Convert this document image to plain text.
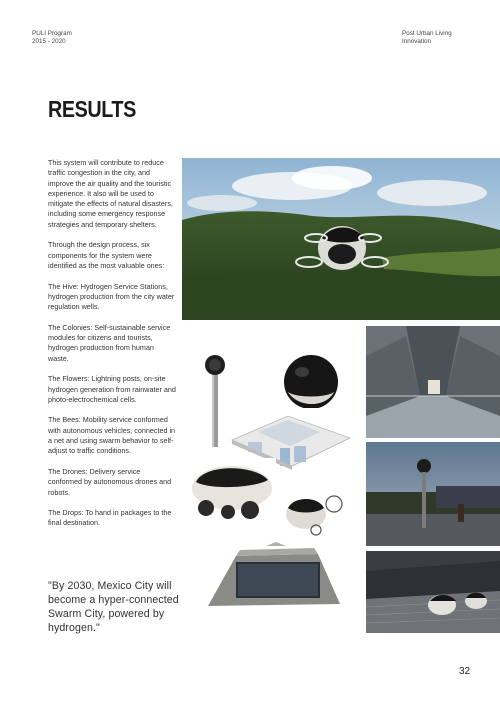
PULI Program
2015 - 2020
Post Urban Living
Innovation
RESULTS

This system will contribute to reduce traffic congestion in the city, and improve the air quality and the touristic experience. It also will be used to mitigate the effects of natural disasters, including some emergency response strategies and temporary shelters.

Through the design process, six components for the system were identified as the most valuable ones:

The Hive: Hydrogen Service Stations, hydrogen production from the city water regulation wells.

The Colonies: Self-sustainable service modules for citizens and tourists, hydrogen production from human waste.

The Flowers: Lightning posts, on-site hydrogen generation from rainwater and photo-electrochemical cells.

The Bees: Mobility service conformed with autonomous vehicles, connected in a net and using swarm behavior to self-adjust to traffic conditions.

The Drones: Delivery service conformed by autonomous drones and robots.

The Drops: To hand in packages to the final destination.

"By 2030, Mexico City will become a hyper-connected Swarm City, powered by hydrogen."
32
